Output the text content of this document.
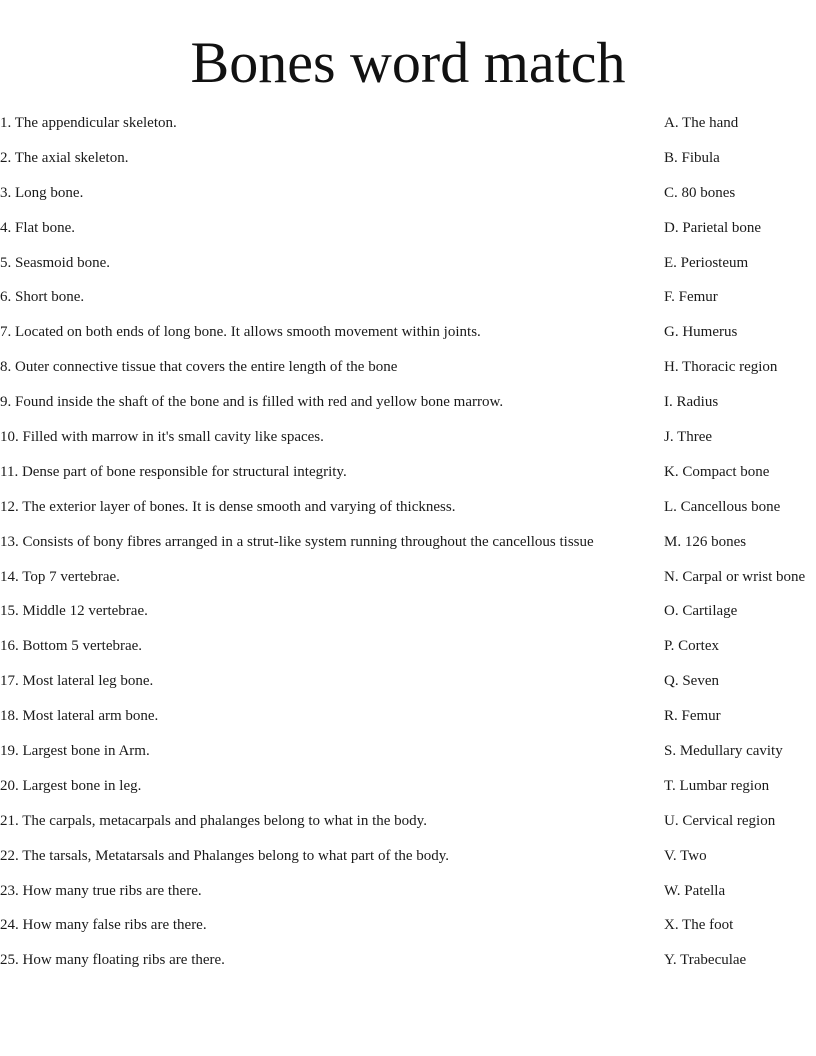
Bones word match
1. The appendicular skeleton.	A. The hand
2. The axial skeleton.	B. Fibula
3. Long bone.	C. 80 bones
4. Flat bone.	D. Parietal bone
5. Seasmoid bone.	E. Periosteum
6. Short bone.	F. Femur
7. Located on both ends of long bone. It allows smooth movement within joints.	G. Humerus
8. Outer connective tissue that covers the entire length of the bone	H. Thoracic region
9. Found inside the shaft of the bone and is filled with red and yellow bone marrow.	I. Radius
10. Filled with marrow in it's small cavity like spaces.	J. Three
11. Dense part of bone responsible for structural integrity.	K. Compact bone
12. The exterior layer of bones. It is dense smooth and varying of thickness.	L. Cancellous bone
13. Consists of bony fibres arranged in a strut-like system running throughout the cancellous tissue	M. 126 bones
14. Top 7 vertebrae.	N. Carpal or wrist bone
15. Middle 12 vertebrae.	O. Cartilage
16. Bottom 5 vertebrae.	P. Cortex
17. Most lateral leg bone.	Q. Seven
18. Most lateral arm bone.	R. Femur
19. Largest bone in Arm.	S. Medullary cavity
20. Largest bone in leg.	T. Lumbar region
21. The carpals, metacarpals and phalanges belong to what in the body.	U. Cervical region
22. The tarsals, Metatarsals and Phalanges belong to what part of the body.	V. Two
23. How many true ribs are there.	W. Patella
24. How many false ribs are there.	X. The foot
25. How many floating ribs are there.	Y. Trabeculae
